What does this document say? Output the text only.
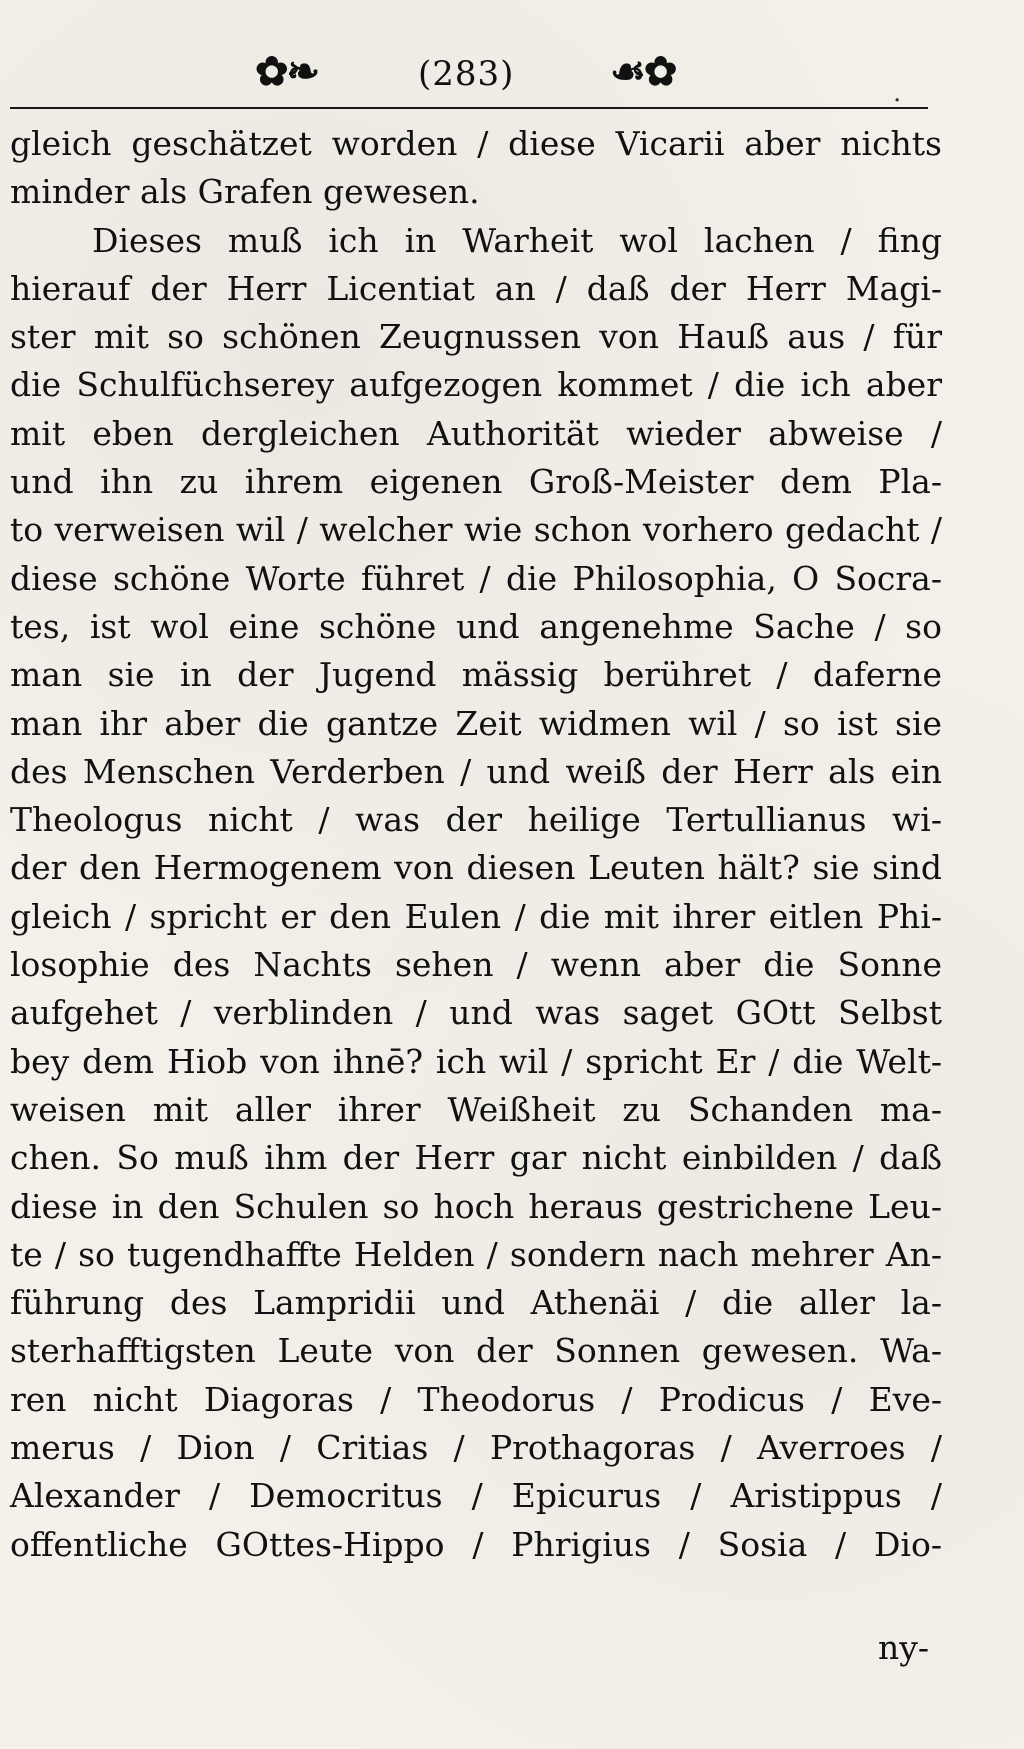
✿❧	(283) ☙✿	.
gleich geschätzet worden / diese Vicarii aber nichts
minder als Grafen gewesen.
Dieses muß ich in Warheit wol lachen / fing
hierauf der Herr Licentiat an / daß der Herr Magi-
ster mit so schönen Zeugnussen von Hauß aus / für
die Schulfüchserey aufgezogen kommet / die ich aber
mit eben dergleichen Authorität wieder abweise /
und ihn zu ihrem eigenen Groß-Meister dem Pla-
to verweisen wil / welcher wie schon vorhero gedacht /
diese schöne Worte führet / die Philosophia, O Socra-
tes, ist wol eine schöne und angenehme Sache / so
man sie in der Jugend mässig berühret / daferne
man ihr aber die gantze Zeit widmen wil / so ist sie
des Menschen Verderben / und weiß der Herr als ein
Theologus nicht / was der heilige Tertullianus wi-
der den Hermogenem von diesen Leuten hält? sie sind
gleich / spricht er den Eulen / die mit ihrer eitlen Phi-
losophie des Nachts sehen / wenn aber die Sonne
aufgehet / verblinden / und was saget GOtt Selbst
bey dem Hiob von ihnē? ich wil / spricht Er / die Welt-
weisen mit aller ihrer Weißheit zu Schanden ma-
chen. So muß ihm der Herr gar nicht einbilden / daß
diese in den Schulen so hoch heraus gestrichene Leu-
te / so tugendhaffte Helden / sondern nach mehrer An-
führung des Lampridii und Athenäi / die aller la-
sterhafftigsten Leute von der Sonnen gewesen. Wa-
ren nicht Diagoras / Theodorus / Prodicus / Eve-
merus / Dion / Critias / Prothagoras / Averroes /
Alexander / Democritus / Epicurus / Aristippus /
offentliche GOttes-Hippo / Phrigius / Sosia / Dio-
ny-
